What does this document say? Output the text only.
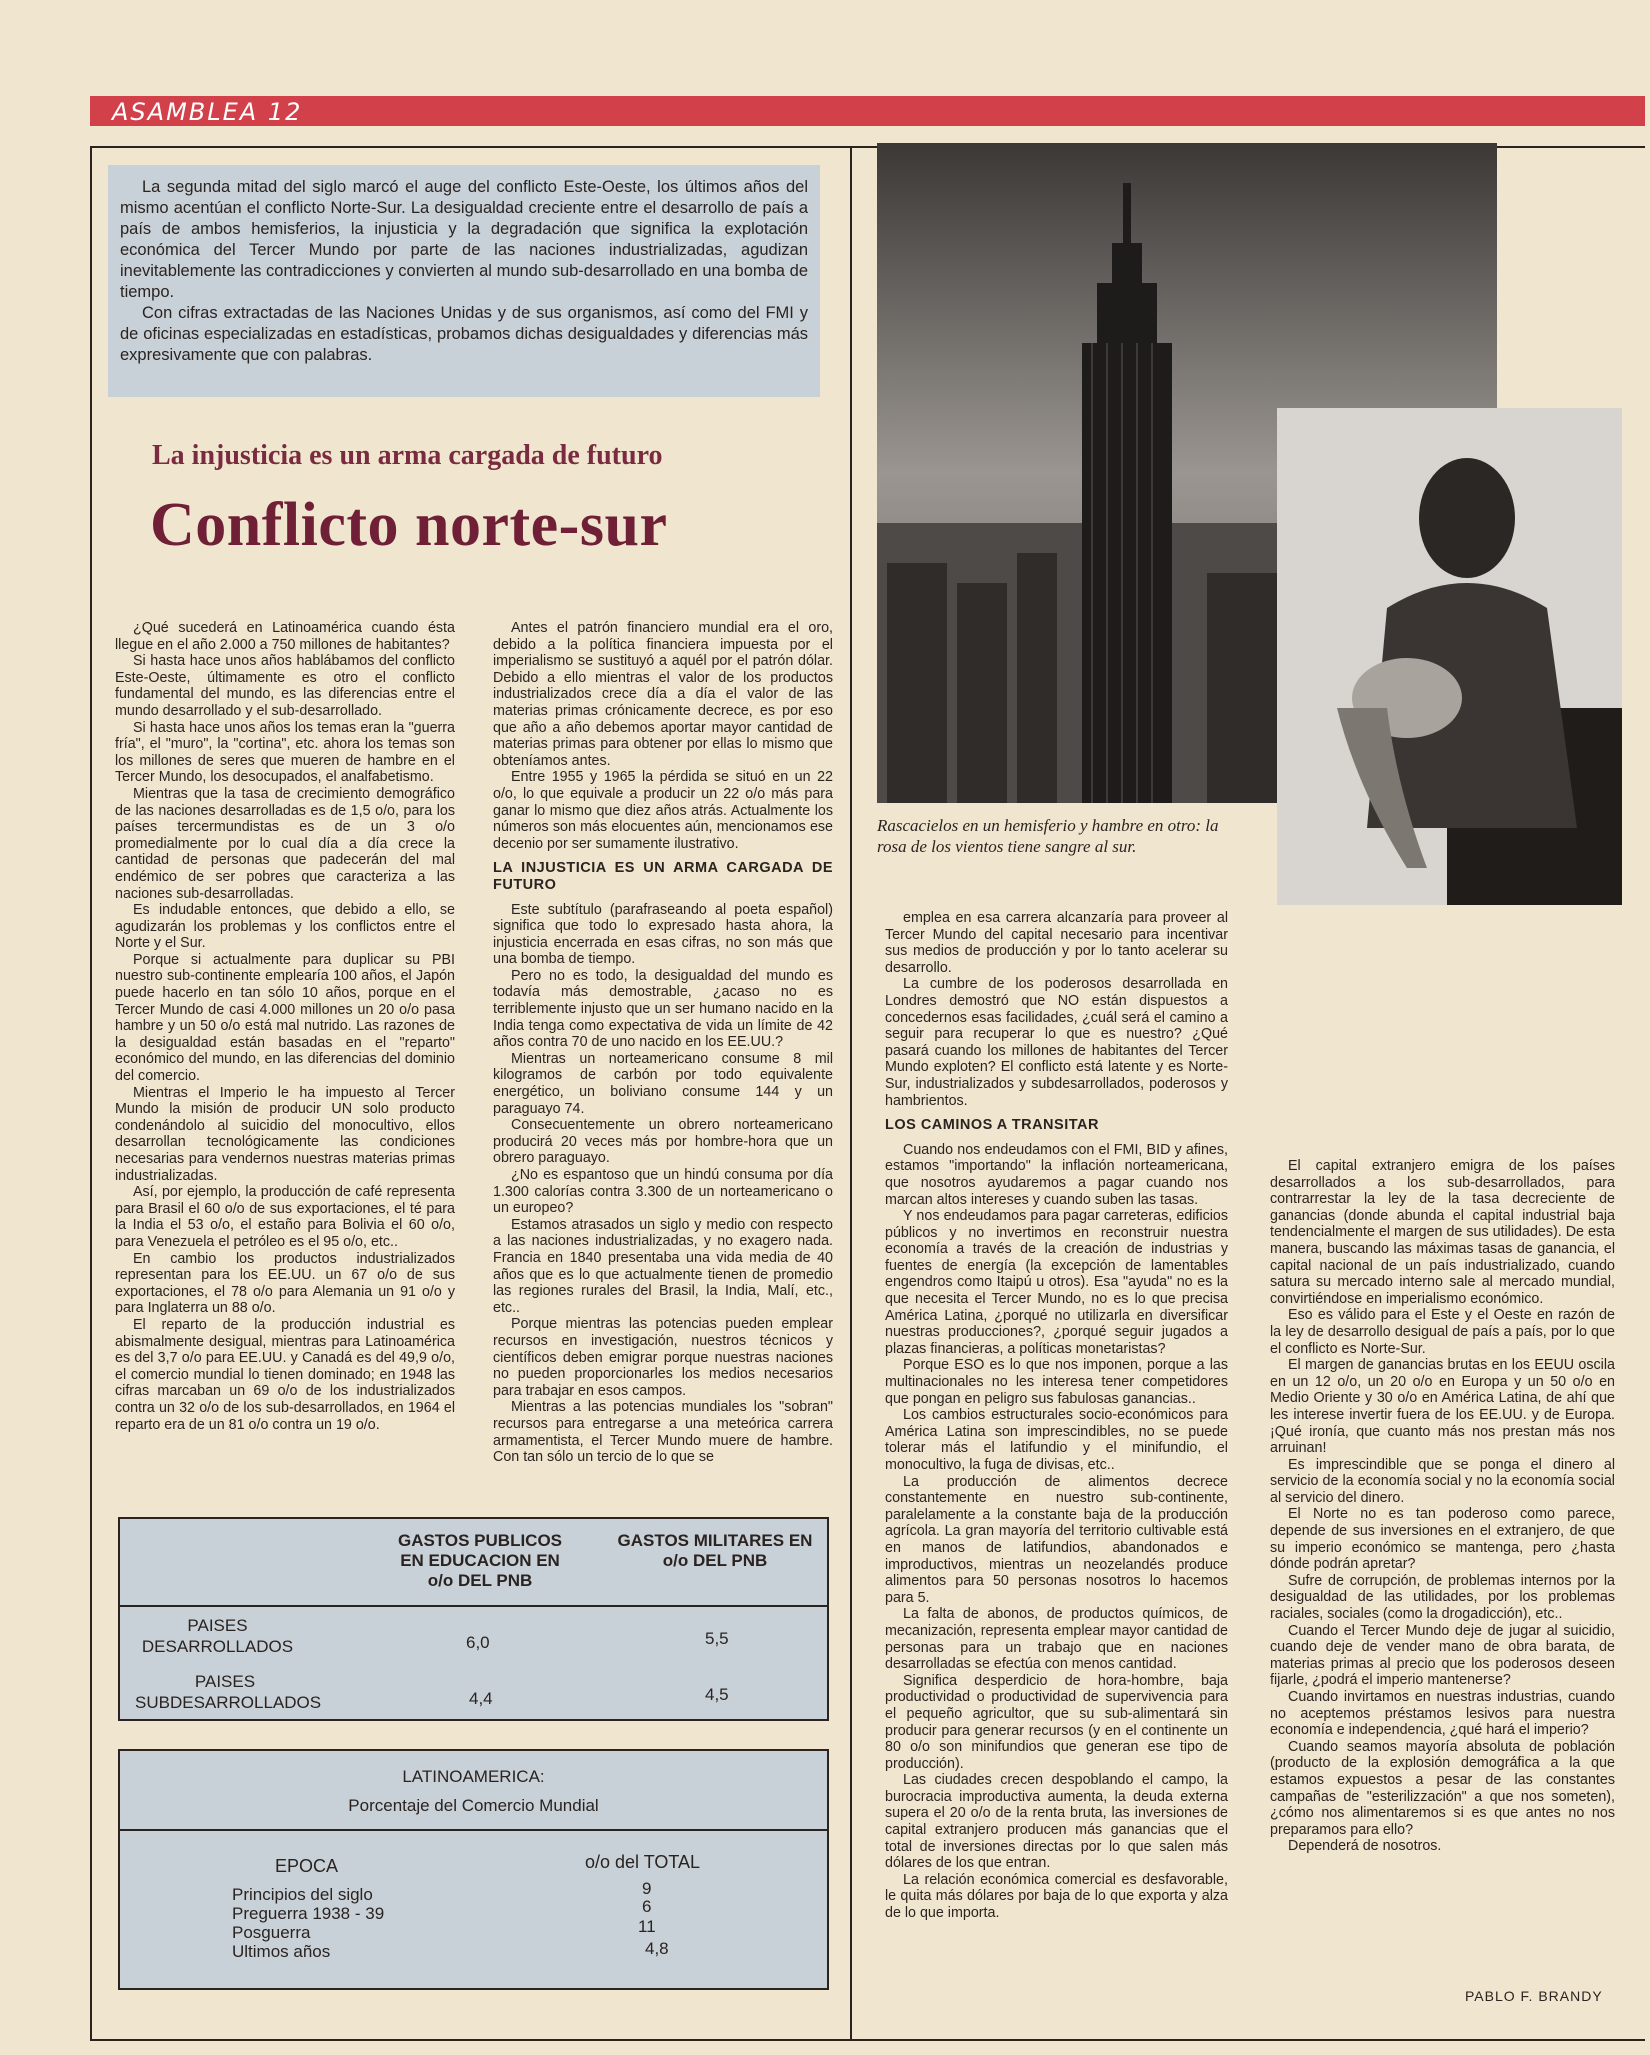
ASAMBLEA 12

La segunda mitad del siglo marcó el auge del conflicto Este-Oeste, los últimos años del mismo acentúan el conflicto Norte-Sur. La desigualdad creciente entre el desarrollo de país a país de ambos hemisferios, la injusticia y la degradación que significa la explotación económica del Tercer Mundo por parte de las naciones industrializadas, agudizan inevitablemente las contradicciones y convierten al mundo sub-desarrollado en una bomba de tiempo.

Con cifras extractadas de las Naciones Unidas y de sus organismos, así como del FMI y de oficinas especializadas en estadísticas, probamos dichas desigualdades y diferencias más expresivamente que con palabras.

La injusticia es un arma cargada de futuro
Conflicto norte-sur

¿Qué sucederá en Latinoamérica cuando ésta llegue en el año 2.000 a 750 millones de habitantes?

Si hasta hace unos años hablábamos del conflicto Este-Oeste, últimamente es otro el conflicto fundamental del mundo, es las diferencias entre el mundo desarrollado y el sub-desarrollado.

Si hasta hace unos años los temas eran la "guerra fría", el "muro", la "cortina", etc. ahora los temas son los millones de seres que mueren de hambre en el Tercer Mundo, los desocupados, el analfabetismo.

Mientras que la tasa de crecimiento demográfico de las naciones desarrolladas es de 1,5 o/o, para los países tercermundistas es de un 3 o/o promedialmente por lo cual día a día crece la cantidad de personas que padecerán del mal endémico de ser pobres que caracteriza a las naciones sub-desarrolladas.

Es indudable entonces, que debido a ello, se agudizarán los problemas y los conflictos entre el Norte y el Sur.

Porque si actualmente para duplicar su PBI nuestro sub-continente emplearía 100 años, el Japón puede hacerlo en tan sólo 10 años, porque en el Tercer Mundo de casi 4.000 millones un 20 o/o pasa hambre y un 50 o/o está mal nutrido. Las razones de la desigualdad están basadas en el "reparto" económico del mundo, en las diferencias del dominio del comercio.

Mientras el Imperio le ha impuesto al Tercer Mundo la misión de producir UN solo producto condenándolo al suicidio del monocultivo, ellos desarrollan tecnológicamente las condiciones necesarias para vendernos nuestras materias primas industrializadas.

Así, por ejemplo, la producción de café representa para Brasil el 60 o/o de sus exportaciones, el té para la India el 53 o/o, el estaño para Bolivia el 60 o/o, para Venezuela el petróleo es el 95 o/o, etc..

En cambio los productos industrializados representan para los EE.UU. un 67 o/o de sus exportaciones, el 78 o/o para Alemania un 91 o/o y para Inglaterra un 88 o/o.

El reparto de la producción industrial es abismalmente desigual, mientras para Latinoamérica es del 3,7 o/o para EE.UU. y Canadá es del 49,9 o/o, el comercio mundial lo tienen dominado; en 1948 las cifras marcaban un 69 o/o de los industrializados contra un 32 o/o de los sub-desarrollados, en 1964 el reparto era de un 81 o/o contra un 19 o/o.

Antes el patrón financiero mundial era el oro, debido a la política financiera impuesta por el imperialismo se sustituyó a aquél por el patrón dólar. Debido a ello mientras el valor de los productos industrializados crece día a día el valor de las materias primas crónicamente decrece, es por eso que año a año debemos aportar mayor cantidad de materias primas para obtener por ellas lo mismo que obteníamos antes.

Entre 1955 y 1965 la pérdida se situó en un 22 o/o, lo que equivale a producir un 22 o/o más para ganar lo mismo que diez años atrás. Actualmente los números son más elocuentes aún, mencionamos ese decenio por ser sumamente ilustrativo.

LA INJUSTICIA ES UN ARMA CARGADA DE FUTURO

Este subtítulo (parafraseando al poeta español) significa que todo lo expresado hasta ahora, la injusticia encerrada en esas cifras, no son más que una bomba de tiempo.

Pero no es todo, la desigualdad del mundo es todavía más demostrable, ¿acaso no es terriblemente injusto que un ser humano nacido en la India tenga como expectativa de vida un límite de 42 años contra 70 de uno nacido en los EE.UU.?

Mientras un norteamericano consume 8 mil kilogramos de carbón por todo equivalente energético, un boliviano consume 144 y un paraguayo 74.

Consecuentemente un obrero norteamericano producirá 20 veces más por hombre-hora que un obrero paraguayo.

¿No es espantoso que un hindú consuma por día 1.300 calorías contra 3.300 de un norteamericano o un europeo?

Estamos atrasados un siglo y medio con respecto a las naciones industrializadas, y no exagero nada. Francia en 1840 presentaba una vida media de 40 años que es lo que actualmente tienen de promedio las regiones rurales del Brasil, la India, Malí, etc., etc..

Porque mientras las potencias pueden emplear recursos en investigación, nuestros técnicos y científicos deben emigrar porque nuestras naciones no pueden proporcionarles los medios necesarios para trabajar en esos campos.

Mientras a las potencias mundiales los "sobran" recursos para entregarse a una meteórica carrera armamentista, el Tercer Mundo muere de hambre. Con tan sólo un tercio de lo que se

Rascacielos en un hemisferio y hambre en otro: la rosa de los vientos tiene sangre al sur.

emplea en esa carrera alcanzaría para proveer al Tercer Mundo del capital necesario para incentivar sus medios de producción y por lo tanto acelerar su desarrollo.

La cumbre de los poderosos desarrollada en Londres demostró que NO están dispuestos a concedernos esas facilidades, ¿cuál será el camino a seguir para recuperar lo que es nuestro? ¿Qué pasará cuando los millones de habitantes del Tercer Mundo exploten? El conflicto está latente y es Norte-Sur, industrializados y subdesarrollados, poderosos y hambrientos.

LOS CAMINOS A TRANSITAR

Cuando nos endeudamos con el FMI, BID y afines, estamos "importando" la inflación norteamericana, que nosotros ayudaremos a pagar cuando nos marcan altos intereses y cuando suben las tasas.

Y nos endeudamos para pagar carreteras, edificios públicos y no invertimos en reconstruir nuestra economía a través de la creación de industrias y fuentes de energía (la excepción de lamentables engendros como Itaipú u otros). Esa "ayuda" no es la que necesita el Tercer Mundo, no es lo que precisa América Latina, ¿porqué no utilizarla en diversificar nuestras producciones?, ¿porqué seguir jugados a plazas financieras, a políticas monetaristas?

Porque ESO es lo que nos imponen, porque a las multinacionales no les interesa tener competidores que pongan en peligro sus fabulosas ganancias..

Los cambios estructurales socio-económicos para América Latina son imprescindibles, no se puede tolerar más el latifundio y el minifundio, el monocultivo, la fuga de divisas, etc..

La producción de alimentos decrece constantemente en nuestro sub-continente, paralelamente a la constante baja de la producción agrícola. La gran mayoría del territorio cultivable está en manos de latifundios, abandonados e improductivos, mientras un neozelandés produce alimentos para 50 personas nosotros lo hacemos para 5.

La falta de abonos, de productos químicos, de mecanización, representa emplear mayor cantidad de personas para un trabajo que en naciones desarrolladas se efectúa con menos cantidad.

Significa desperdicio de hora-hombre, baja productividad o productividad de supervivencia para el pequeño agricultor, que su sub-alimentará sin producir para generar recursos (y en el continente un 80 o/o son minifundios que generan ese tipo de producción).

Las ciudades crecen despoblando el campo, la burocracia improductiva aumenta, la deuda externa supera el 20 o/o de la renta bruta, las inversiones de capital extranjero producen más ganancias que el total de inversiones directas por lo que salen más dólares de los que entran.

La relación económica comercial es desfavorable, le quita más dólares por baja de lo que exporta y alza de lo que importa.

El capital extranjero emigra de los países desarrollados a los sub-desarrollados, para contrarrestar la ley de la tasa decreciente de ganancias (donde abunda el capital industrial baja tendencialmente el margen de sus utilidades). De esta manera, buscando las máximas tasas de ganancia, el capital nacional de un país industrializado, cuando satura su mercado interno sale al mercado mundial, convirtiéndose en imperialismo económico.

Eso es válido para el Este y el Oeste en razón de la ley de desarrollo desigual de país a país, por lo que el conflicto es Norte-Sur.

El margen de ganancias brutas en los EEUU oscila en un 12 o/o, un 20 o/o en Europa y un 50 o/o en Medio Oriente y 30 o/o en América Latina, de ahí que les interese invertir fuera de los EE.UU. y de Europa. ¡Qué ironía, que cuanto más nos prestan más nos arruinan!

Es imprescindible que se ponga el dinero al servicio de la economía social y no la economía social al servicio del dinero.

El Norte no es tan poderoso como parece, depende de sus inversiones en el extranjero, de que su imperio económico se mantenga, pero ¿hasta dónde podrán apretar?

Sufre de corrupción, de problemas internos por la desigualdad de las utilidades, por los problemas raciales, sociales (como la drogadicción), etc..

Cuando el Tercer Mundo deje de jugar al suicidio, cuando deje de vender mano de obra barata, de materias primas al precio que los poderosos deseen fijarle, ¿podrá el imperio mantenerse?

Cuando invirtamos en nuestras industrias, cuando no aceptemos préstamos lesivos para nuestra economía e independencia, ¿qué hará el imperio?

Cuando seamos mayoría absoluta de población (producto de la explosión demográfica a la que estamos expuestos a pesar de las constantes campañas de "esterilizzación" a que nos someten), ¿cómo nos alimentaremos si es que antes no nos preparamos para ello?

Dependerá de nosotros.

PABLO F. BRANDY
GASTOS PUBLICOS EN EDUCACION EN o/o DEL PNB
GASTOS MILITARES EN o/o DEL PNB
PAISES DESARROLLADOS	6,0	5,5
PAISES SUBDESARROLLADOS	4,4	4,5
LATINOAMERICA:
Porcentaje del Comercio Mundial
EPOCA	o/o del TOTAL
Principios del siglo	9
Preguerra 1938 - 39	6
Posguerra	11
Ultimos años	4,8
